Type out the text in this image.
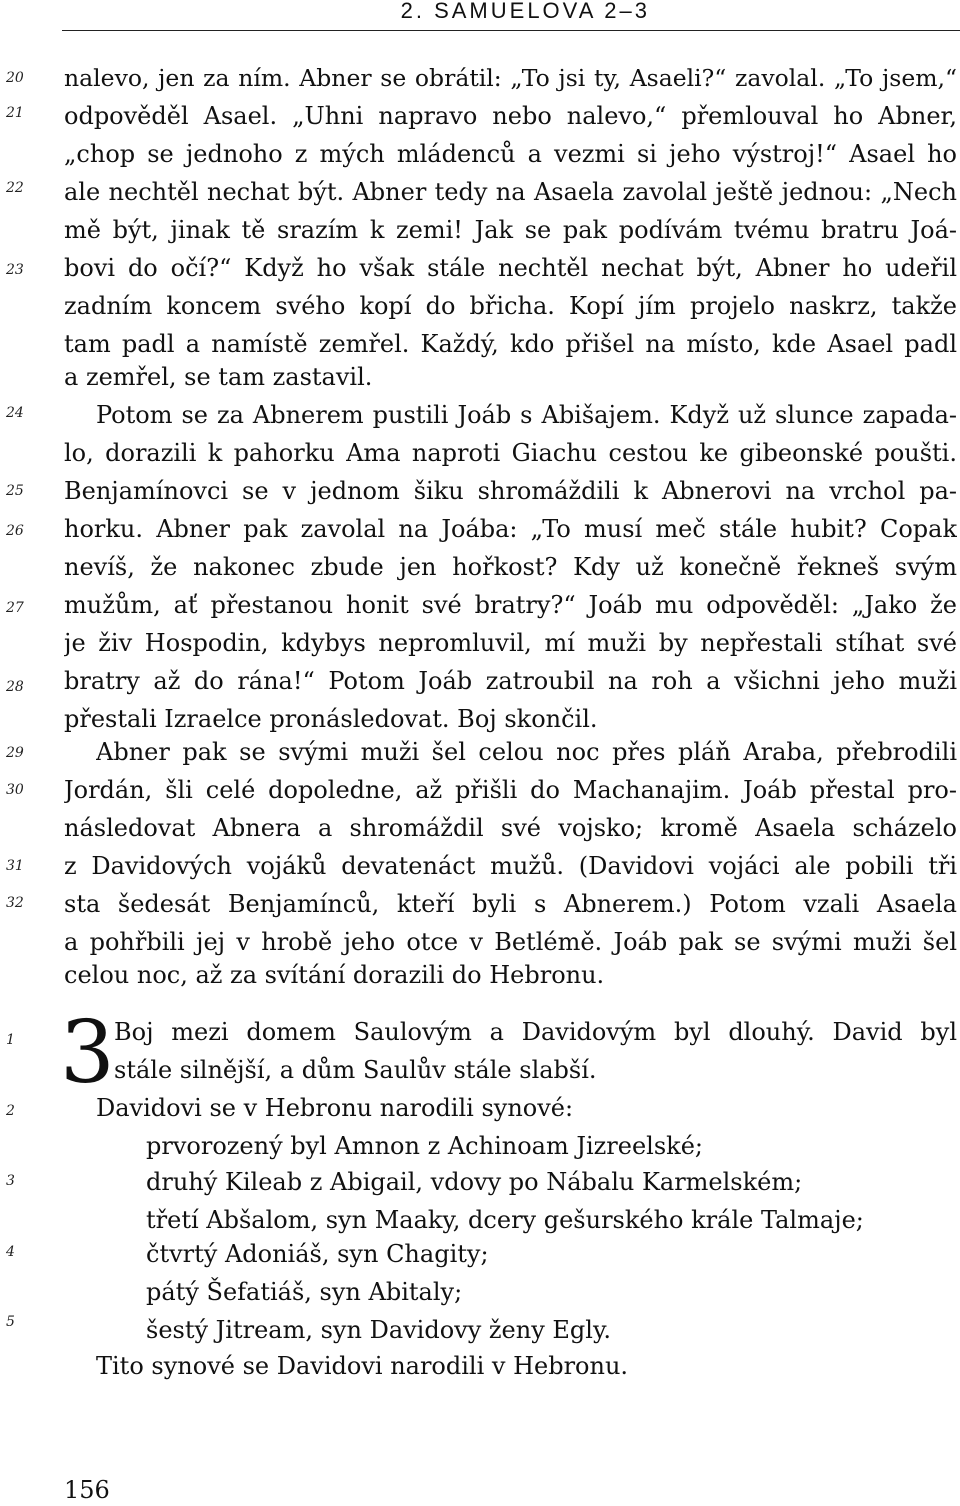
2. SAMUELOVA 2–3
20
21
22
23
24
25
26
27
28
29
30
31
32
1
2
3
4
5
nalevo, jen za ním. Abner se obrátil: „To jsi ty, Asaeli?“ zavolal. „To jsem,“
odpověděl Asael. „Uhni napravo nebo nalevo,“ přemlouval ho Abner,
„chop se jednoho z mých mládenců a vezmi si jeho výstroj!“ Asael ho
ale nechtěl nechat být. Abner tedy na Asaela zavolal ještě jednou: „Nech
mě být, jinak tě srazím k zemi! Jak se pak podívám tvému bratru Joá-
bovi do očí?“ Když ho však stále nechtěl nechat být, Abner ho udeřil
zadním koncem svého kopí do břicha. Kopí jím projelo naskrz, takže
tam padl a namístě zemřel. Každý, kdo přišel na místo, kde Asael padl
a zemřel, se tam zastavil.
Potom se za Abnerem pustili Joáb s Abišajem. Když už slunce zapada-
lo, dorazili k pahorku Ama naproti Giachu cestou ke gibeonské poušti.
Benjamínovci se v jednom šiku shromáždili k Abnerovi na vrchol pa-
horku. Abner pak zavolal na Joába: „To musí meč stále hubit? Copak
nevíš, že nakonec zbude jen hořkost? Kdy už konečně řekneš svým
mužům, ať přestanou honit své bratry?“ Joáb mu odpověděl: „Jako že
je živ Hospodin, kdybys nepromluvil, mí muži by nepřestali stíhat své
bratry až do rána!“ Potom Joáb zatroubil na roh a všichni jeho muži
přestali Izraelce pronásledovat. Boj skončil.
Abner pak se svými muži šel celou noc přes pláň Araba, přebrodili
Jordán, šli celé dopoledne, až přišli do Machanajim. Joáb přestal pro-
následovat Abnera a shromáždil své vojsko; kromě Asaela scházelo
z Davidových vojáků devatenáct mužů. (Davidovi vojáci ale pobili tři
sta šedesát Benjamínců, kteří byli s Abnerem.) Potom vzali Asaela
a pohřbili jej v hrobě jeho otce v Betlémě. Joáb pak se svými muži šel
celou noc, až za svítání dorazili do Hebronu.
Boj mezi domem Saulovým a Davidovým byl dlouhý. David byl
stále silnější, a dům Saulův stále slabší.
Davidovi se v Hebronu narodili synové:
prvorozený byl Amnon z Achinoam Jizreelské;
druhý Kileab z Abigail, vdovy po Nábalu Karmelském;
třetí Abšalom, syn Maaky, dcery gešurského krále Talmaje;
čtvrtý Adoniáš, syn Chagity;
pátý Šefatiáš, syn Abitaly;
šestý Jitream, syn Davidovy ženy Egly.
Tito synové se Davidovi narodili v Hebronu.
3
156
